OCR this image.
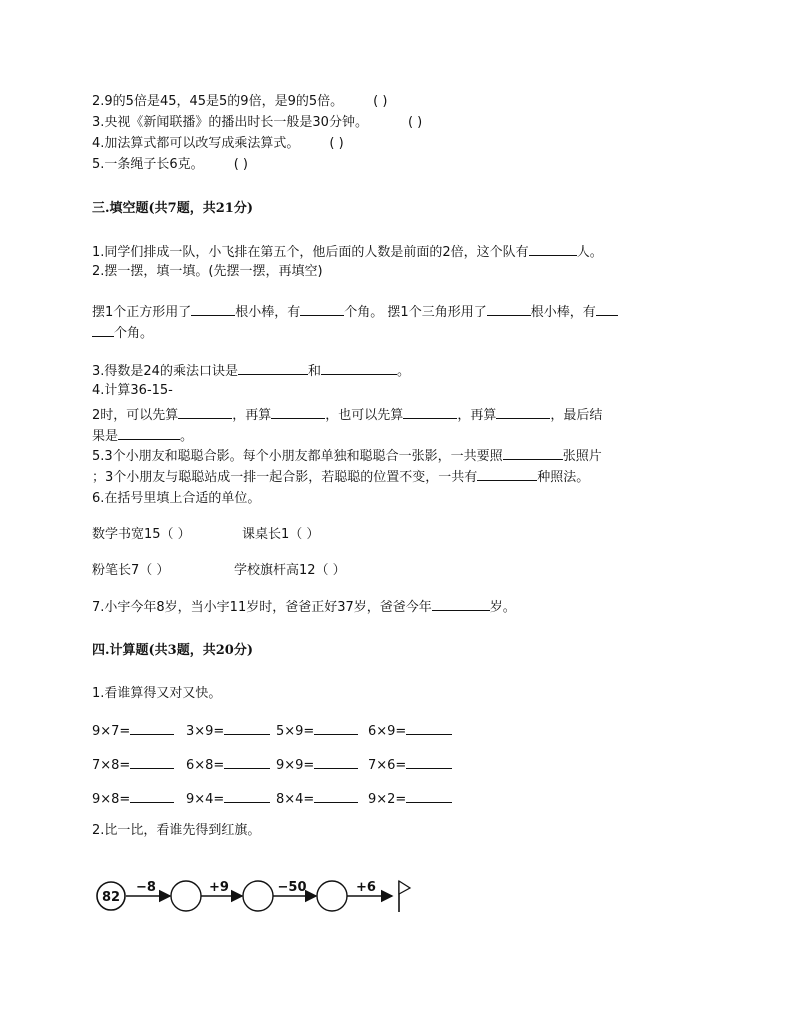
2.9的5倍是45，45是5的9倍，是9的5倍。 ( )
3.央视《新闻联播》的播出时长一般是30分钟。	( )
4.加法算式都可以改写成乘法算式。 ( )
5.一条绳子长6克。 ( )
三.填空题(共7题，共21分)
1.同学们排成一队，小飞排在第五个，他后面的人数是前面的2倍，这个队有	人。
2.摆一摆，填一填。(先摆一摆，再填空)
摆1个正方形用了	根小棒，有	个角。 摆1个三角形用了	根小棒，有
个角。
3.得数是24的乘法口诀是	和	。
4.计算36-15-
2时，可以先算	，再算	，也可以先算	，再算	，最后结
果是	。
5.3个小朋友和聪聪合影。每个小朋友都单独和聪聪合一张影，一共要照	张照片
；3个小朋友与聪聪站成一排一起合影，若聪聪的位置不变，一共有	种照法。
6.在括号里填上合适的单位。
数学书宽15（ ）	课桌长1（ ）
粉笔长7（ ）	学校旗杆高12（ ）
7.小宇今年8岁，当小宇11岁时，爸爸正好37岁，爸爸今年	岁。
四.计算题(共3题，共20分)
1.看谁算得又对又快。
9×7=	3×9=	5×9=	6×9=
7×8=	6×8=	9×9=	7×6=
9×8=	9×4=	8×4=	9×2=
2.比一比，看谁先得到红旗。
82
−8	+9	−50	+6
